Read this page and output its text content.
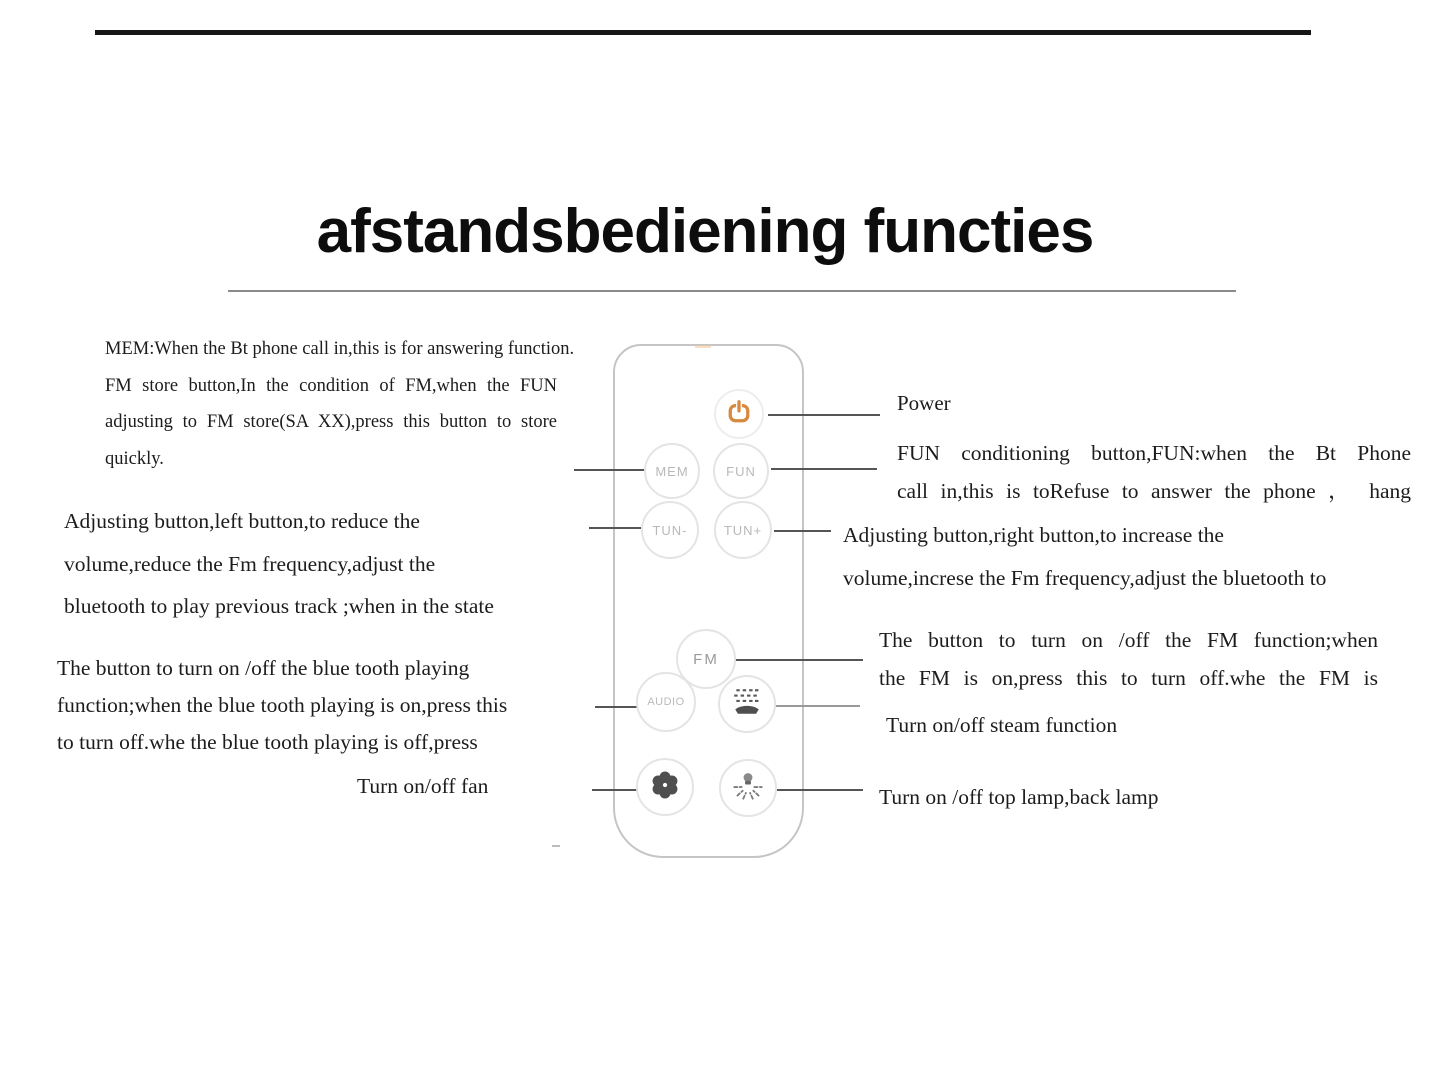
afstandsbediening functies
MEM:When the Bt phone call in,this is for answering function.
FM store button,In the condition of FM,when the FUN
adjusting to FM store(SA XX),press this button to store
quickly.
Adjusting button,left button,to reduce the
volume,reduce the Fm frequency,adjust the
bluetooth to play previous track ;when in the state
The button to turn on /off the blue tooth playing
function;when the blue tooth playing is on,press this
to turn off.whe the blue tooth playing is off,press
Turn on/off fan
Power
FUN conditioning button,FUN:when the Bt Phone
call in,this is toRefuse to answer the phone ， hang
Adjusting button,right button,to increase the
volume,increse the Fm frequency,adjust the bluetooth to
The button to turn on /off the FM function;when
the FM is on,press this to turn off.whe the FM is
Turn on/off steam function
Turn on /off top lamp,back lamp
MEM	FUN
TUN-	TUN+
FM
AUDIO
